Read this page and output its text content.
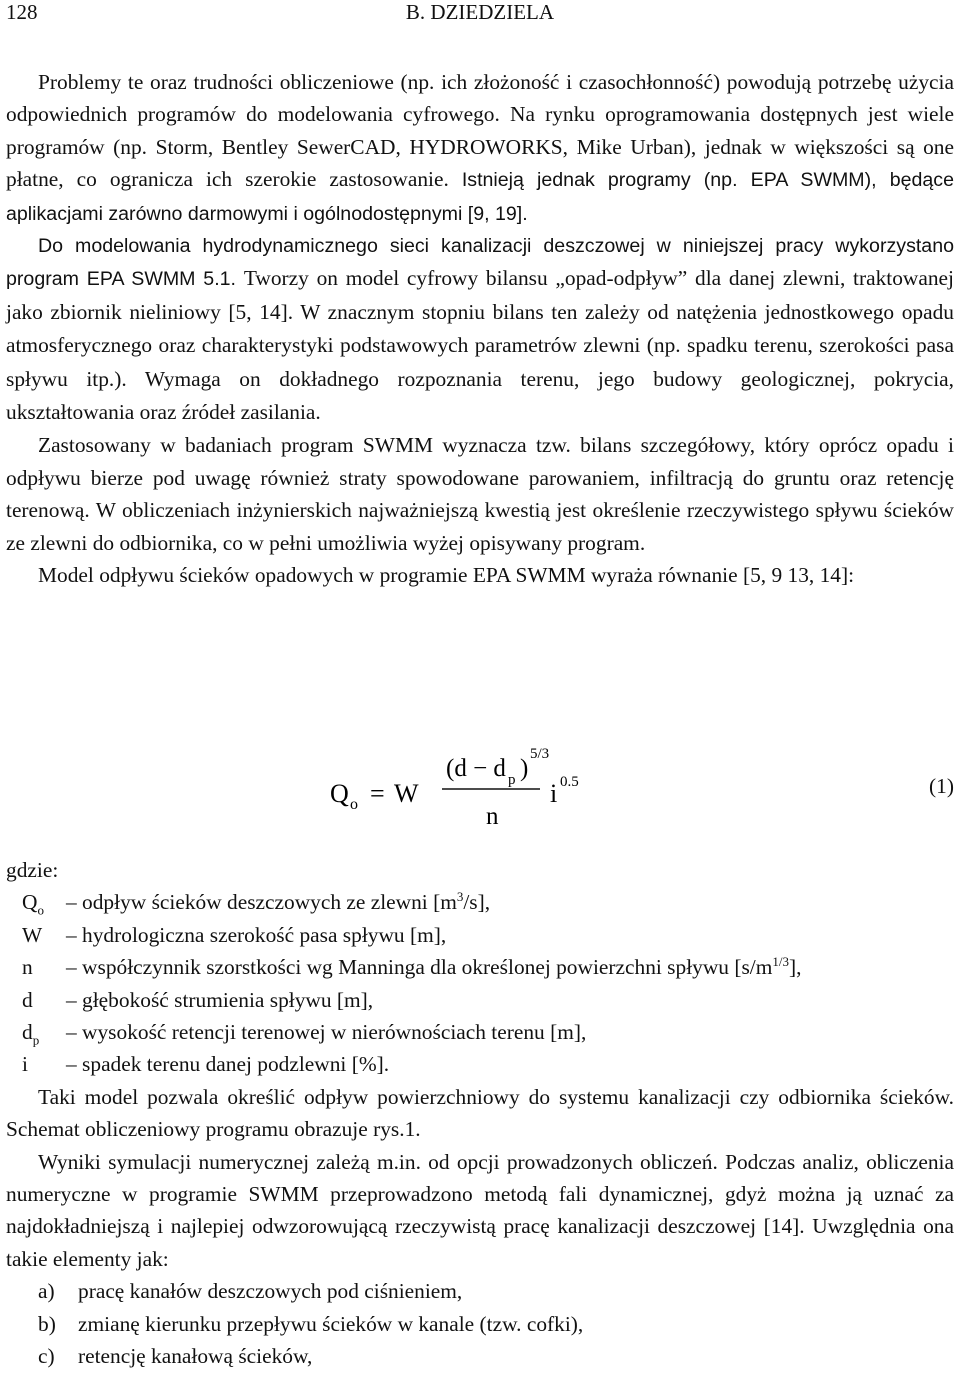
128	B. DZIEDZIELA

Problemy te oraz trudności obliczeniowe (np. ich złożoność i czasochłonność) powodują potrzebę użycia odpowiednich programów do modelowania cyfrowego. Na rynku oprogramowania dostępnych jest wiele programów (np. Storm, Bentley SewerCAD, HYDROWORKS, Mike Urban), jednak w większości są one płatne, co ogranicza ich szerokie zastosowanie. Istnieją jednak programy (np. EPA SWMM), będące aplikacjami zarówno darmowymi i ogólnodostępnymi [9, 19].

Do modelowania hydrodynamicznego sieci kanalizacji deszczowej w niniejszej pracy wykorzystano program EPA SWMM 5.1. Tworzy on model cyfrowy bilansu „opad-odpływ” dla danej zlewni, traktowanej jako zbiornik nieliniowy [5, 14]. W znacznym stopniu bilans ten zależy od natężenia jednostkowego opadu atmosferycznego oraz charakterystyki podstawowych parametrów zlewni (np. spadku terenu, szerokości pasa spływu itp.). Wymaga on dokładnego rozpoznania terenu, jego budowy geologicznej, pokrycia, ukształtowania oraz źródeł zasilania.

Zastosowany w badaniach program SWMM wyznacza tzw. bilans szczegółowy, który oprócz opadu i odpływu bierze pod uwagę również straty spowodowane parowaniem, infiltracją do gruntu oraz retencję terenową. W obliczeniach inżynierskich najważniejszą kwestią jest określenie rzeczywistego spływu ścieków ze zlewni do odbiornika, co w pełni umożliwia wyżej opisywany program.

Model odpływu ścieków opadowych w programie EPA SWMM wyraża równanie [5, 9 13, 14]:

Q o = W
(d − d p )
5/3
n
i 0.5	(1)

gdzie:

$Q_o$	– odpływ ścieków deszczowych ze zlewni $[m^3/s]$,
W	– hydrologiczna szerokość pasa spływu [m],
n	– współczynnik szorstkości wg Manninga dla określonej powierzchni spływu $[s/m^{1/3}]$,
d	– głębokość strumienia spływu [m],
$d_p$	– wysokość retencji terenowej w nierównościach terenu [m],
i	– spadek terenu danej podzlewni [%].

Taki model pozwala określić odpływ powierzchniowy do systemu kanalizacji czy odbiornika ścieków. Schemat obliczeniowy programu obrazuje rys.1.

Wyniki symulacji numerycznej zależą m.in. od opcji prowadzonych obliczeń. Podczas analiz, obliczenia numeryczne w programie SWMM przeprowadzono metodą fali dynamicznej, gdyż można ją uznać za najdokładniejszą i najlepiej odwzorowującą rzeczywistą pracę kanalizacji deszczowej [14]. Uwzględnia ona takie elementy jak:

a) pracę kanałów deszczowych pod ciśnieniem,
b) zmianę kierunku przepływu ścieków w kanale (tzw. cofki),
c) retencję kanałową ścieków,
